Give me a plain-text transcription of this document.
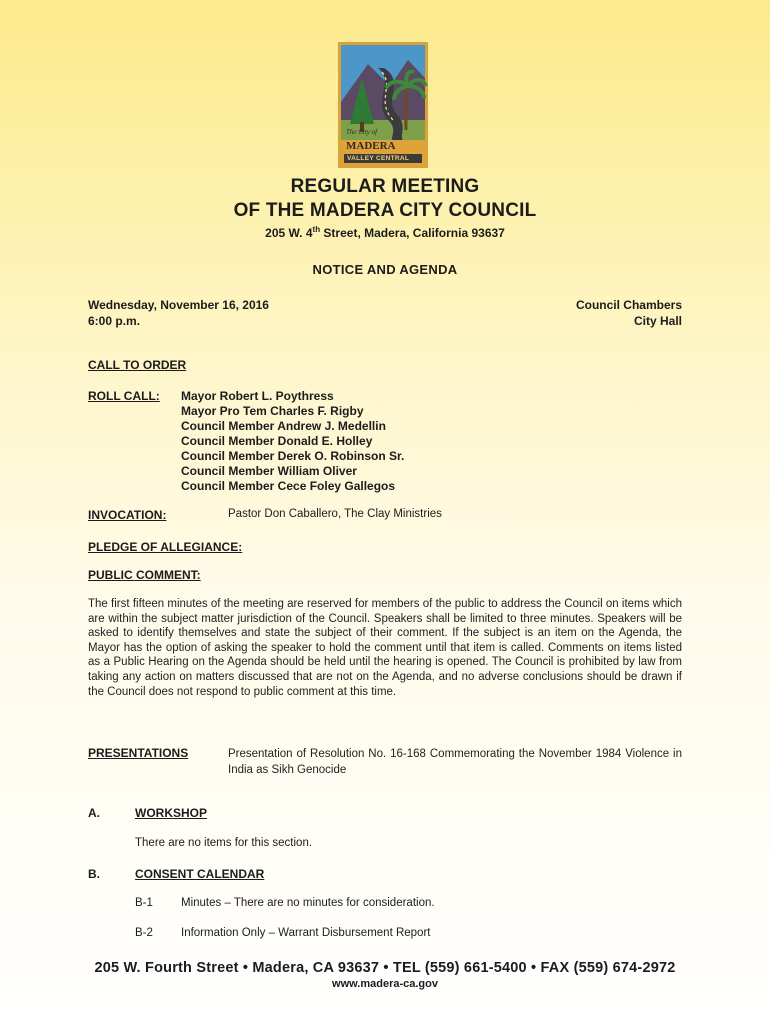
The City of
MADERA
VALLEY CENTRAL
REGULAR MEETING
OF THE MADERA CITY COUNCIL
205 W. 4th Street, Madera, California 93637
NOTICE AND AGENDA
Wednesday, November 16, 2016
6:00 p.m.
Council Chambers
City Hall
CALL TO ORDER
ROLL CALL: Mayor Robert L. Poythress
Mayor Pro Tem Charles F. Rigby
Council Member Andrew J. Medellin
Council Member Donald E. Holley
Council Member Derek O. Robinson Sr.
Council Member William Oliver
Council Member Cece Foley Gallegos
INVOCATION:	Pastor Don Caballero, The Clay Ministries
PLEDGE OF ALLEGIANCE:
PUBLIC COMMENT:
The first fifteen minutes of the meeting are reserved for members of the public to address the Council on items which are within the subject matter jurisdiction of the Council. Speakers shall be limited to three minutes. Speakers will be asked to identify themselves and state the subject of their comment. If the subject is an item on the Agenda, the Mayor has the option of asking the speaker to hold the comment until that item is called. Comments on items listed as a Public Hearing on the Agenda should be held until the hearing is opened. The Council is prohibited by law from taking any action on matters discussed that are not on the Agenda, and no adverse conclusions should be drawn if the Council does not respond to public comment at this time.
PRESENTATIONS	Presentation of Resolution No. 16-168 Commemorating the November 1984 Violence in India as Sikh Genocide
A.	WORKSHOP
There are no items for this section.
B.	CONSENT CALENDAR
B-1 Minutes – There are no minutes for consideration.
B-2 Information Only – Warrant Disbursement Report
205 W. Fourth Street • Madera, CA 93637 • TEL (559) 661-5400 • FAX (559) 674-2972
www.madera-ca.gov
